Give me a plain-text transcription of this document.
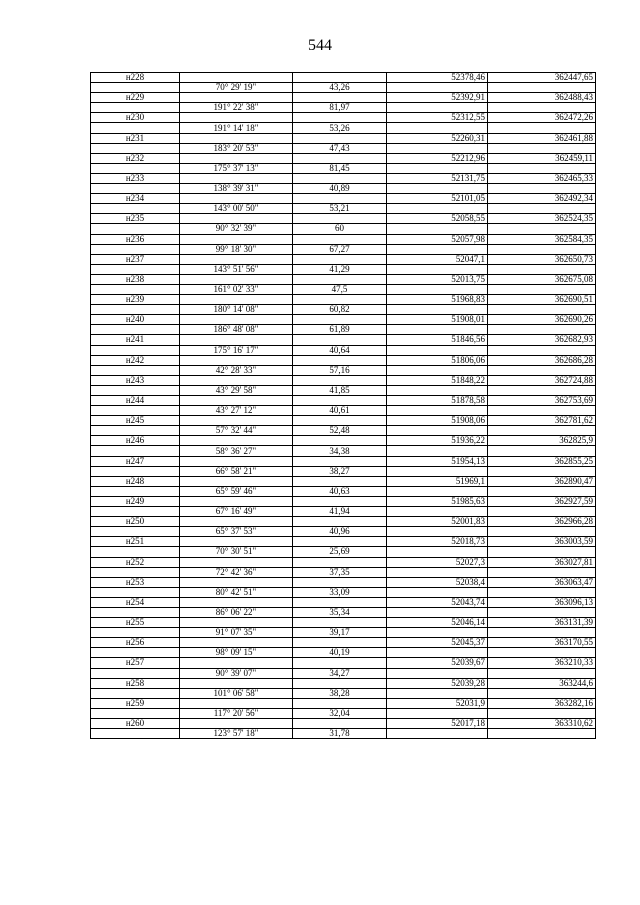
544
н228			52378,46	362447,65
	70° 29' 19"	43,26		
н229			52392,91	362488,43
	191° 22' 38"	81,97		
н230			52312,55	362472,26
	191° 14' 18"	53,26		
н231			52260,31	362461,88
	183° 20' 53"	47,43		
н232			52212,96	362459,11
	175° 37' 13"	81,45		
н233			52131,75	362465,33
	138° 39' 31"	40,89		
н234			52101,05	362492,34
	143° 00' 50"	53,21		
н235			52058,55	362524,35
	90° 32' 39"	60		
н236			52057,98	362584,35
	99° 18' 30"	67,27		
н237			52047,1	362650,73
	143° 51' 56"	41,29		
н238			52013,75	362675,08
	161° 02' 33"	47,5		
н239			51968,83	362690,51
	180° 14' 08"	60,82		
н240			51908,01	362690,26
	186° 48' 08"	61,89		
н241			51846,56	362682,93
	175° 16' 17"	40,64		
н242			51806,06	362686,28
	42° 28' 33"	57,16		
н243			51848,22	362724,88
	43° 29' 58"	41,85		
н244			51878,58	362753,69
	43° 27' 12"	40,61		
н245			51908,06	362781,62
	57° 32' 44"	52,48		
н246			51936,22	362825,9
	58° 36' 27"	34,38		
н247			51954,13	362855,25
	66° 58' 21"	38,27		
н248			51969,1	362890,47
	65° 59' 46"	40,63		
н249			51985,63	362927,59
	67° 16' 49"	41,94		
н250			52001,83	362966,28
	65° 37' 53"	40,96		
н251			52018,73	363003,59
	70° 30' 51"	25,69		
н252			52027,3	363027,81
	72° 42' 36"	37,35		
н253			52038,4	363063,47
	80° 42' 51"	33,09		
н254			52043,74	363096,13
	86° 06' 22"	35,34		
н255			52046,14	363131,39
	91° 07' 35"	39,17		
н256			52045,37	363170,55
	98° 09' 15"	40,19		
н257			52039,67	363210,33
	90° 39' 07"	34,27		
н258			52039,28	363244,6
	101° 06' 58"	38,28		
н259			52031,9	363282,16
	117° 20' 56"	32,04		
н260			52017,18	363310,62
	123° 57' 18"	31,78		
